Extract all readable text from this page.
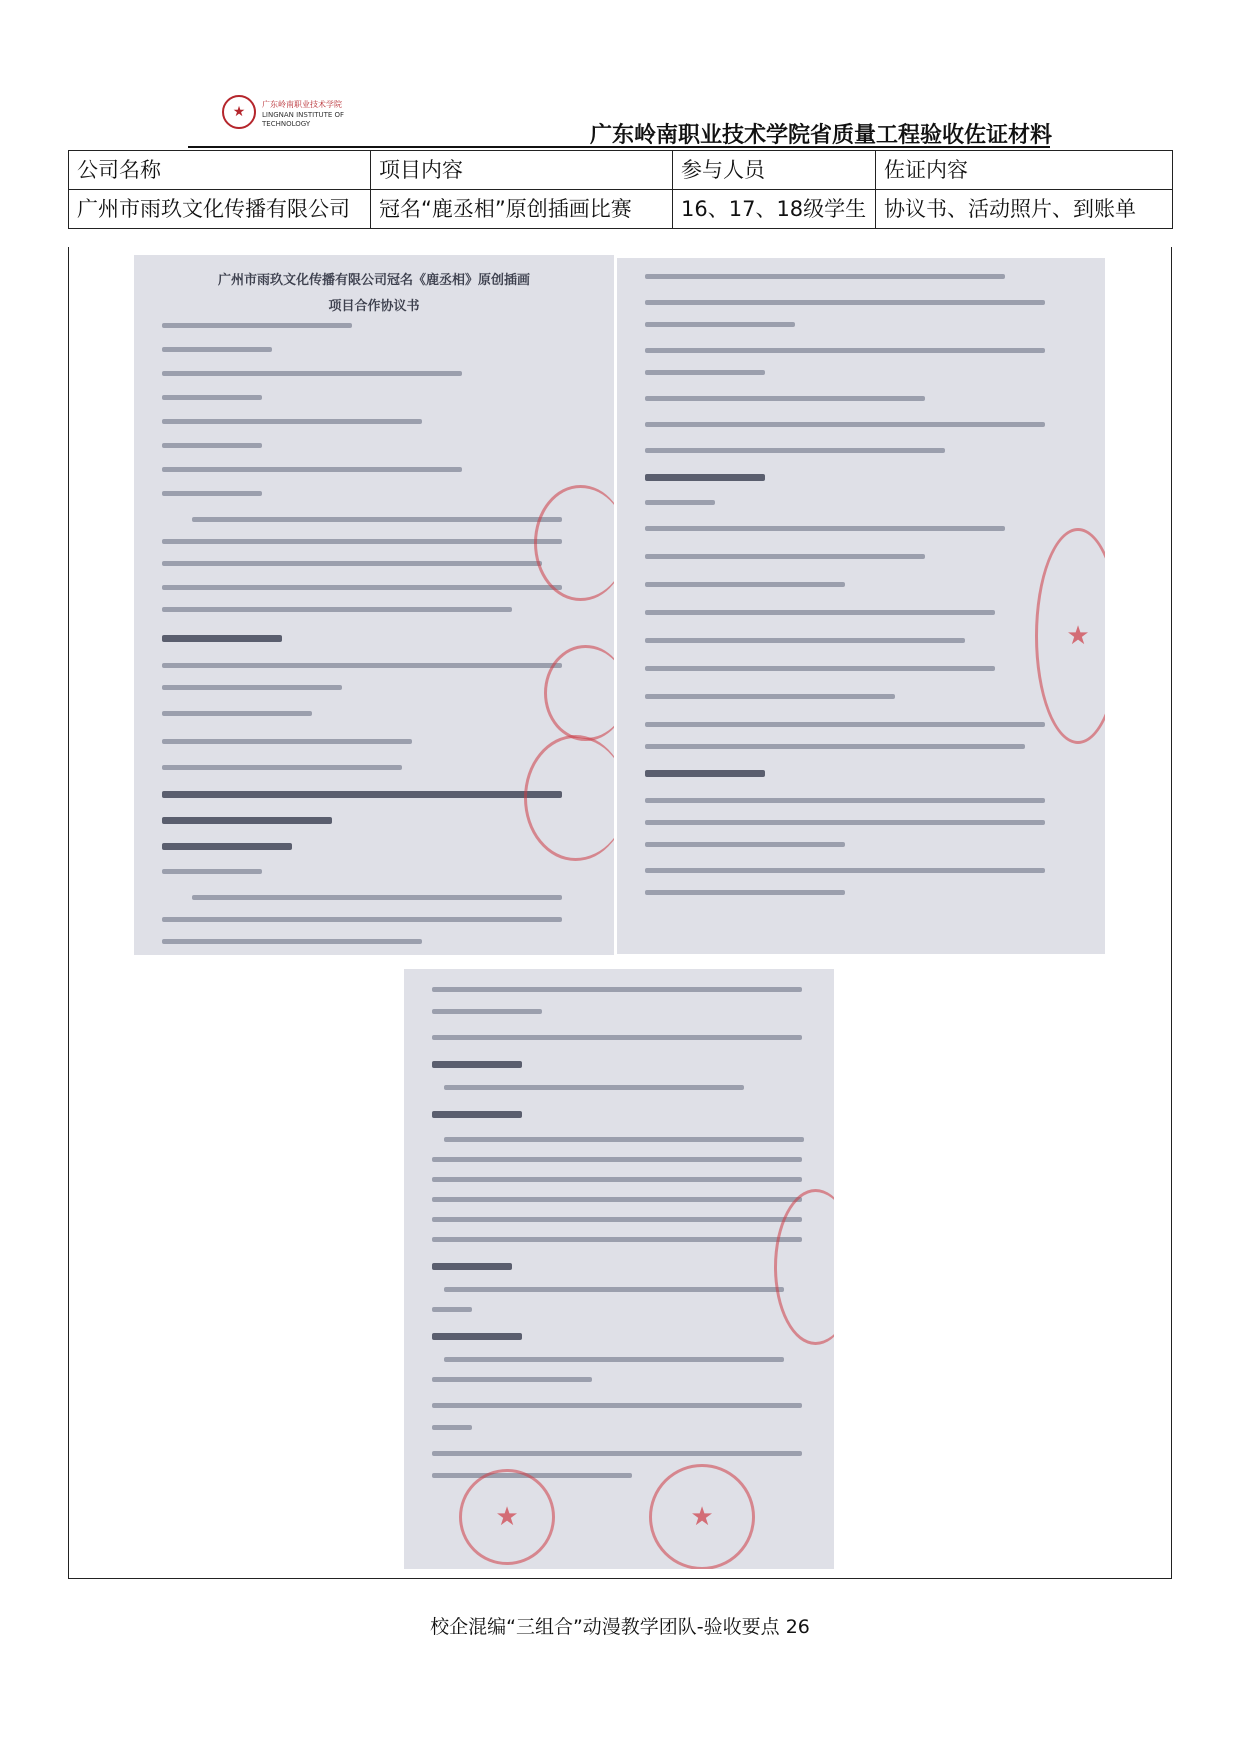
★	广东岭南职业技术学院
LINGNAN INSTITUTE OF TECHNOLOGY	广东岭南职业技术学院省质量工程验收佐证材料
公司名称	项目内容	参与人员	佐证内容
广州市雨玖文化传播有限公司	冠名“鹿丞相”原创插画比赛	16、17、18级学生	协议书、活动照片、到账单
广州市雨玖文化传播有限公司冠名《鹿丞相》原创插画
项目合作协议书
★
★	★
校企混编“三组合”动漫教学团队-验收要点 26
